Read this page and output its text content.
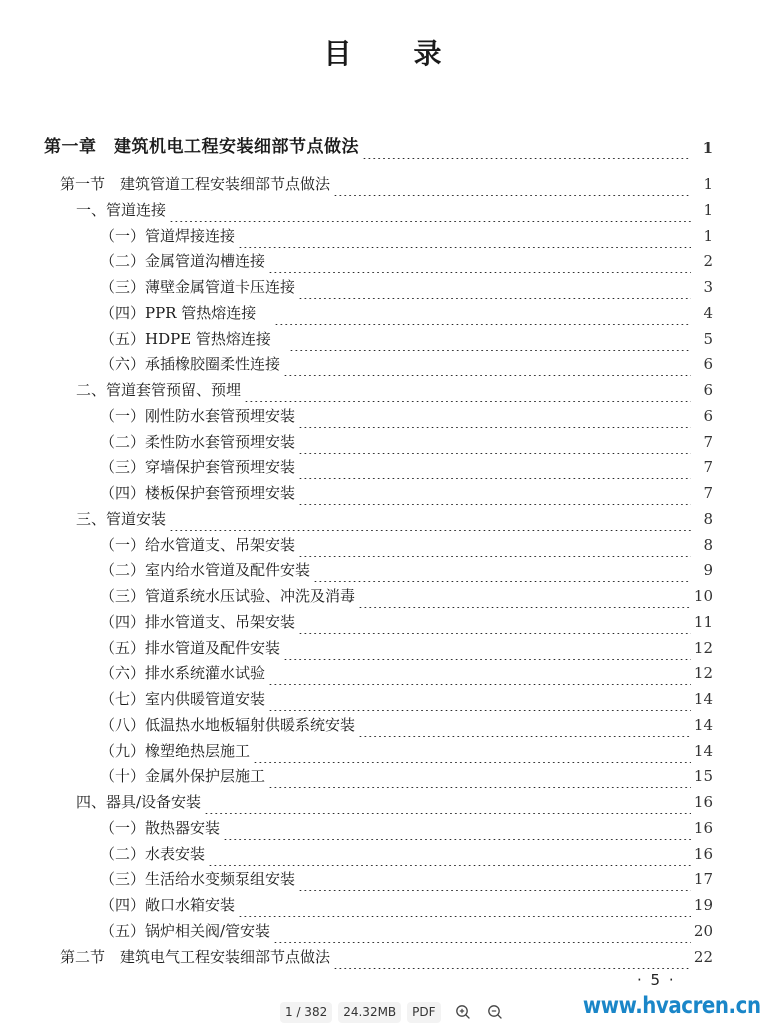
目 录
第一章　建筑机电工程安装细部节点做法	1
第一节　建筑管道工程安装细部节点做法	1
一、管道连接	1
（一）管道焊接连接	1
（二）金属管道沟槽连接	2
（三）薄壁金属管道卡压连接	3
（四）PPR 管热熔连接　	4
（五）HDPE 管热熔连接　	5
（六）承插橡胶圈柔性连接	6
二、管道套管预留、预埋	6
（一）刚性防水套管预埋安装	6
（二）柔性防水套管预埋安装	7
（三）穿墙保护套管预埋安装	7
（四）楼板保护套管预埋安装	7
三、管道安装	8
（一）给水管道支、吊架安装	8
（二）室内给水管道及配件安装	9
（三）管道系统水压试验、冲洗及消毒	10
（四）排水管道支、吊架安装	11
（五）排水管道及配件安装	12
（六）排水系统灌水试验	12
（七）室内供暖管道安装	14
（八）低温热水地板辐射供暖系统安装	14
（九）橡塑绝热层施工	14
（十）金属外保护层施工	15
四、器具/设备安装	16
（一）散热器安装	16
（二）水表安装	16
（三）生活给水变频泵组安装	17
（四）敞口水箱安装	19
（五）锅炉相关阀/管安装	20
第二节　建筑电气工程安装细部节点做法	22
· 5 ·
1 / 382	24.32MB	PDF	www.hvacren.cn
